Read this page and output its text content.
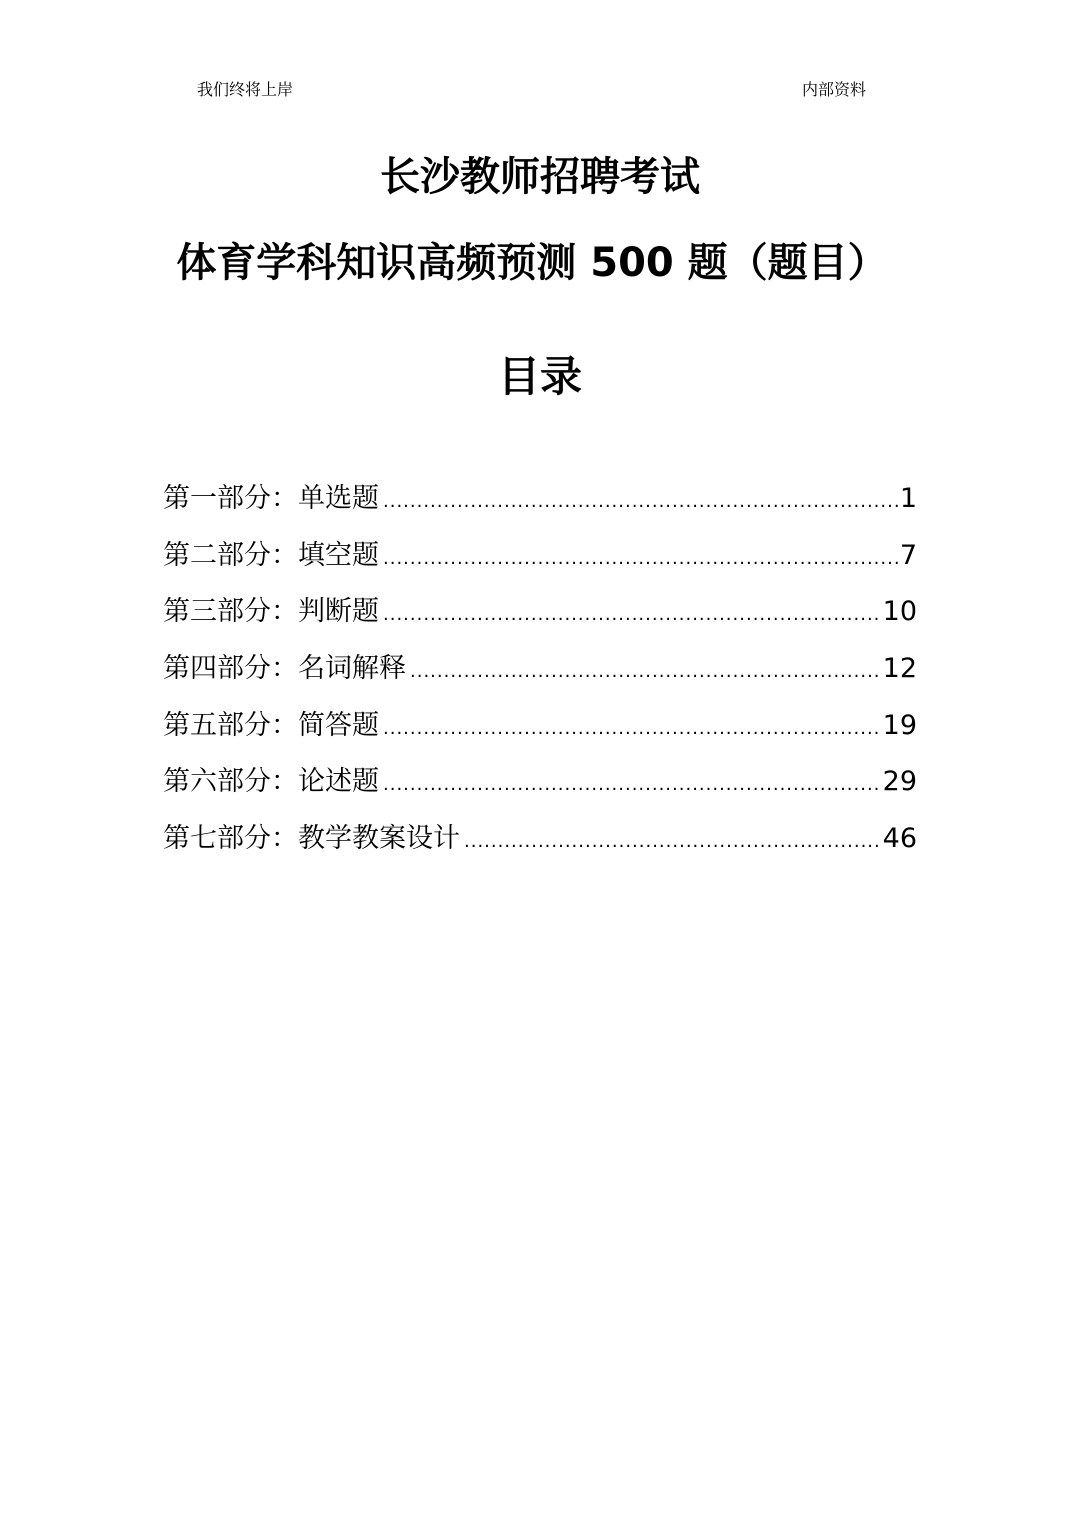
我们终将上岸	内部资料
长沙教师招聘考试
体育学科知识高频预测 500 题（题目）
目录
第一部分：单选题 .....	1
第二部分：填空题 .....	7
第三部分：判断题 .....	10
第四部分：名词解释 .....	12
第五部分：简答题 .....	19
第六部分：论述题 .....	29
第七部分：教学教案设计 .....	46
